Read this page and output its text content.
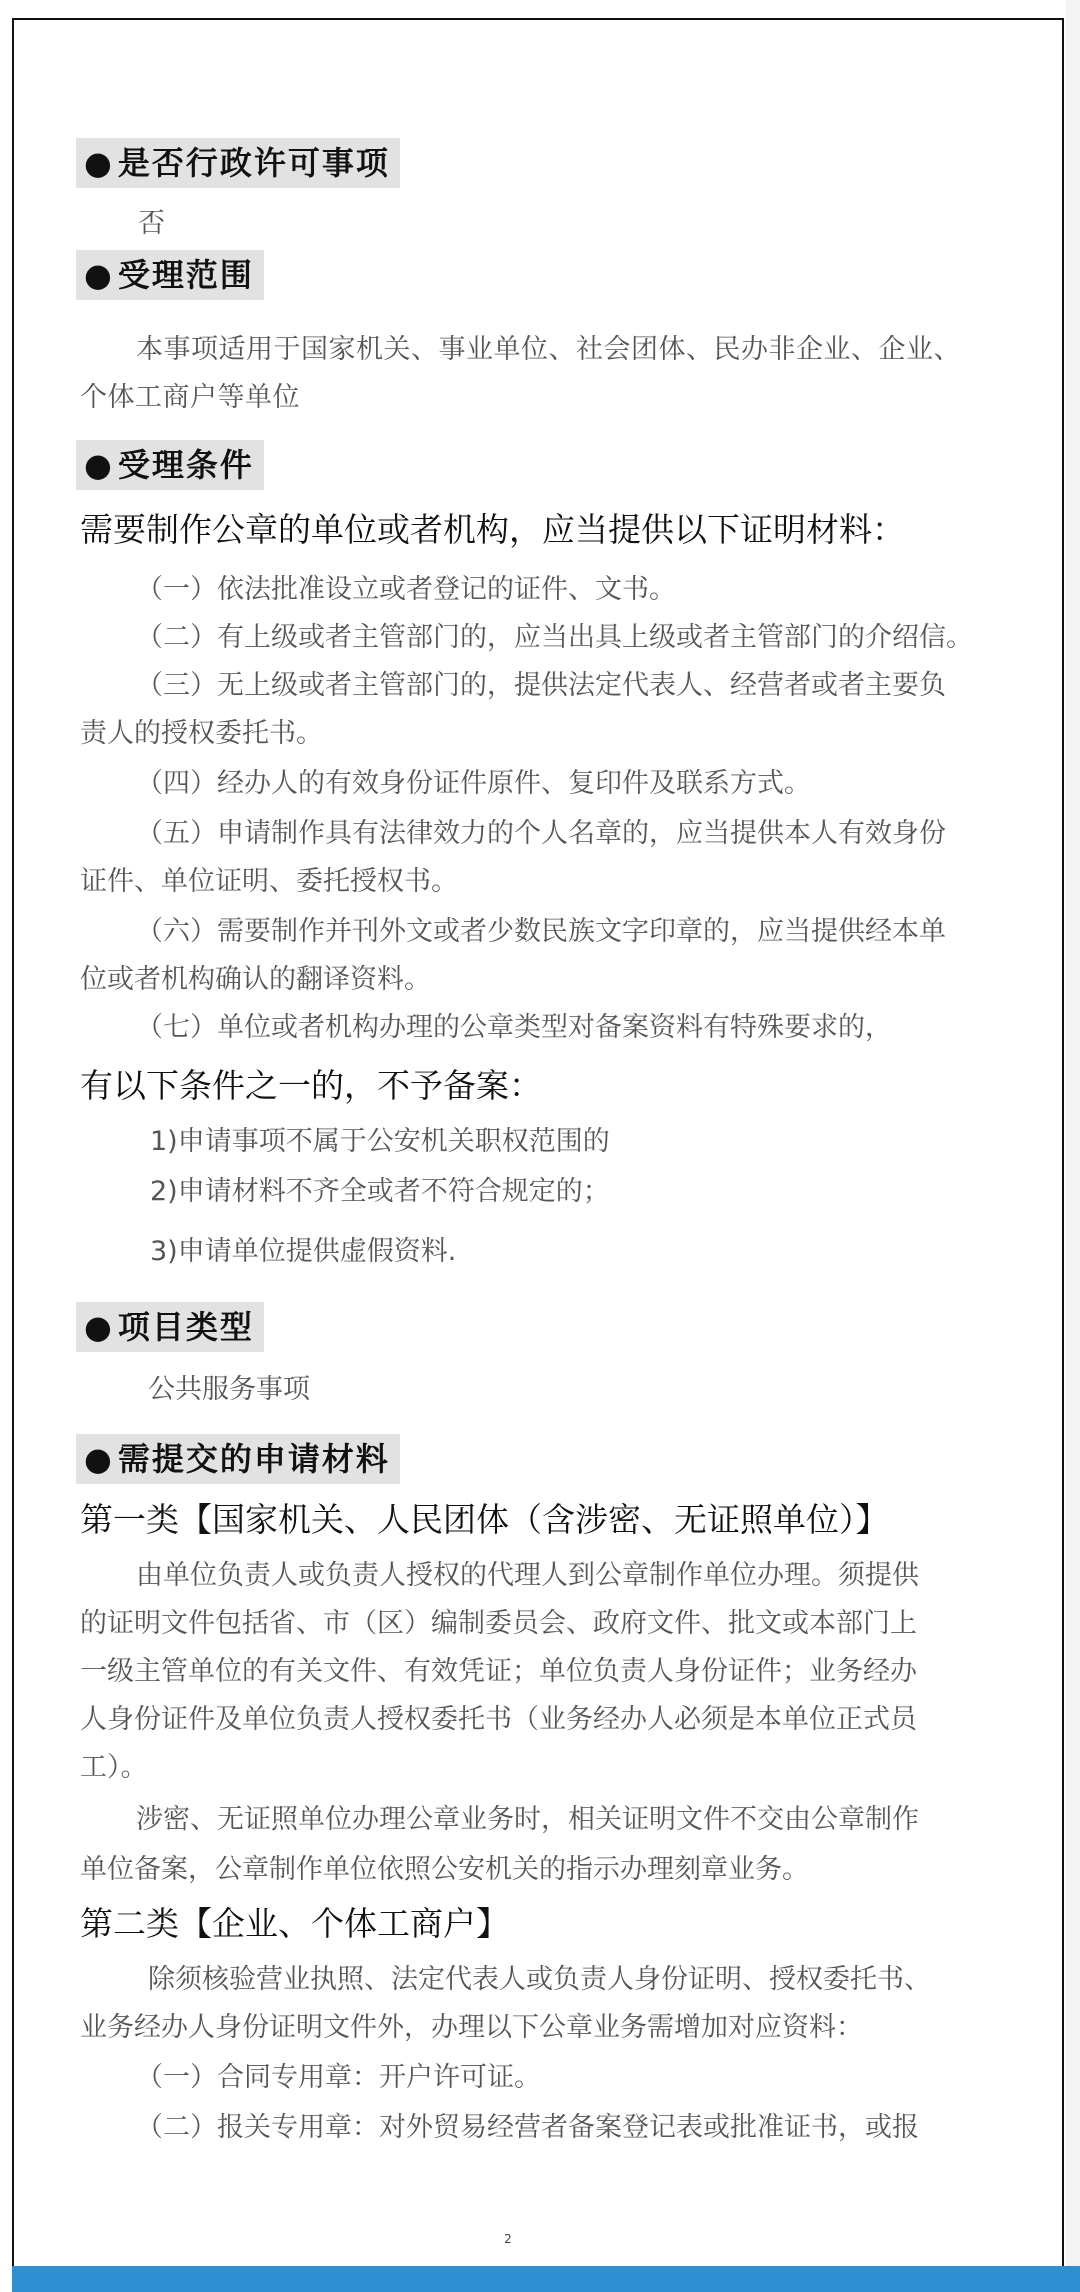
● 是否行政许可事项
否
● 受理范围
本事项适用于国家机关、事业单位、社会团体、民办非企业、企业、
个体工商户等单位
● 受理条件
需要制作公章的单位或者机构，应当提供以下证明材料：
（一）依法批准设立或者登记的证件、文书。
（二）有上级或者主管部门的，应当出具上级或者主管部门的介绍信。
（三）无上级或者主管部门的，提供法定代表人、经营者或者主要负
责人的授权委托书。
（四）经办人的有效身份证件原件、复印件及联系方式。
（五）申请制作具有法律效力的个人名章的，应当提供本人有效身份
证件、单位证明、委托授权书。
（六）需要制作并刊外文或者少数民族文字印章的，应当提供经本单
位或者机构确认的翻译资料。
（七）单位或者机构办理的公章类型对备案资料有特殊要求的，
有以下条件之一的，不予备案：
1)申请事项不属于公安机关职权范围的
2)申请材料不齐全或者不符合规定的；
3)申请单位提供虚假资料.
● 项目类型
公共服务事项
● 需提交的申请材料
第一类【国家机关、人民团体（含涉密、无证照单位）】
由单位负责人或负责人授权的代理人到公章制作单位办理。须提供
的证明文件包括省、市（区）编制委员会、政府文件、批文或本部门上
一级主管单位的有关文件、有效凭证；单位负责人身份证件；业务经办
人身份证件及单位负责人授权委托书（业务经办人必须是本单位正式员
工）。
涉密、无证照单位办理公章业务时，相关证明文件不交由公章制作
单位备案，公章制作单位依照公安机关的指示办理刻章业务。
第二类【企业、个体工商户】
除须核验营业执照、法定代表人或负责人身份证明、授权委托书、
业务经办人身份证明文件外，办理以下公章业务需增加对应资料：
（一）合同专用章：开户许可证。
（二）报关专用章：对外贸易经营者备案登记表或批准证书，或报
2
